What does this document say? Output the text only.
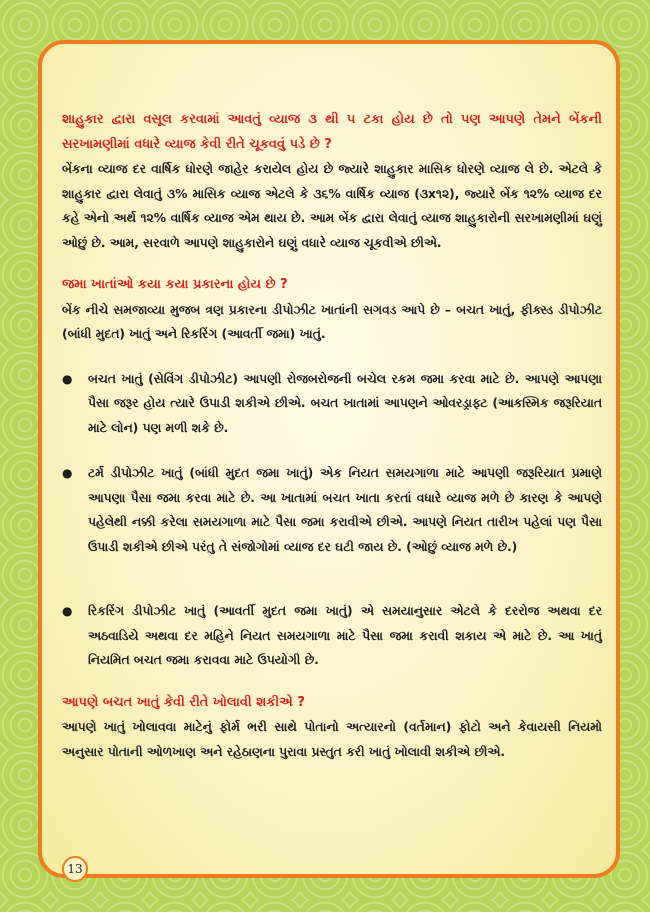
શાહુકાર દ્વારા વસૂલ કરવામાં આવતું વ્યાજ ૩ થી ૫ ટકા હોય છે તો પણ આપણે તેમને બેંકની સરખામણીમાં વધારે વ્યાજ કેવી રીતે ચૂકવવું પડે છે ?

બેંકના વ્યાજ દર વાર્ષિક ધોરણે જાહેર કરાયેલ હોય છે જ્યારે શાહુકાર માસિક ધોરણે વ્યાજ લે છે. એટલે કે શાહુકાર દ્વારા લેવાતું ૩% માસિક વ્યાજ એટલે કે ૩૬% વાર્ષિક વ્યાજ (૩x૧૨), જ્યારે બેંક ૧૨% વ્યાજ દર કહે એનો અર્થ ૧૨% વાર્ષિક વ્યાજ એમ થાય છે. આમ બેંક દ્વારા લેવાતું વ્યાજ શાહુકારોની સરખામણીમાં ઘણું ઓછું છે. આમ, સરવાળે આપણે શાહુકારોને ઘણું વધારે વ્યાજ ચૂકવીએ છીએ.

જમા ખાતાંઓ કયા કયા પ્રકારના હોય છે ?

બેંક નીચે સમજાવ્યા મુજબ ત્રણ પ્રકારના ડીપોઝીટ ખાતાંની સગવડ આપે છે – બચત ખાતું, ફીક્સ્ડ ડીપોઝીટ (બાંધી મુદત) ખાતું અને રિકરિંગ (આવર્તી જમા) ખાતું.

● બચત ખાતું (સેવિંગ ડીપોઝીટ) આપણી રોજબરોજની બચેલ રકમ જમા કરવા માટે છે. આપણે આપણા પૈસા જરૂર હોય ત્યારે ઉપાડી શકીએ છીએ. બચત ખાતામાં આપણને ઓવરડ્રાફ્ટ (આકસ્મિક જરૂરિયાત માટે લોન) પણ મળી શકે છે.
● ટર્મ ડીપોઝીટ ખાતું (બાંધી મુદત જમા ખાતું) એક નિયત સમયગાળા માટે આપણી જરૂરિયાત પ્રમાણે આપણા પૈસા જમા કરવા માટે છે. આ ખાતામાં બચત ખાતા કરતાં વધારે વ્યાજ મળે છે કારણ કે આપણે પહેલેથી નક્કી કરેલા સમયગાળા માટે પૈસા જમા કરાવીએ છીએ. આપણે નિયત તારીખ પહેલાં પણ પૈસા ઉપાડી શકીએ છીએ પરંતુ તે સંજોગોમાં વ્યાજ દર ઘટી જાય છે. (ઓછું વ્યાજ મળે છે.)
● રિકરિંગ ડીપોઝીટ ખાતું (આવર્તી મુદત જમા ખાતું) એ સમયાનુસાર એટલે કે દરરોજ અથવા દર અઠવાડિયે અથવા દર મહિને નિયત સમયગાળા માટે પૈસા જમા કરાવી શકાય એ માટે છે. આ ખાતું નિયમિત બચત જમા કરાવવા માટે ઉપયોગી છે.

આપણે બચત ખાતું કેવી રીતે ખોલાવી શકીએ ?

આપણે ખાતું ખોલાવવા માટેનું ફોર્મ ભરી સાથે પોતાનો અત્યારનો (વર્તમાન) ફોટો અને કેવાયસી નિયમો અનુસાર પોતાની ઓળખાણ અને રહેઠાણના પુરાવા પ્રસ્તુત કરી ખાતું ખોલાવી શકીએ છીએ.

13
